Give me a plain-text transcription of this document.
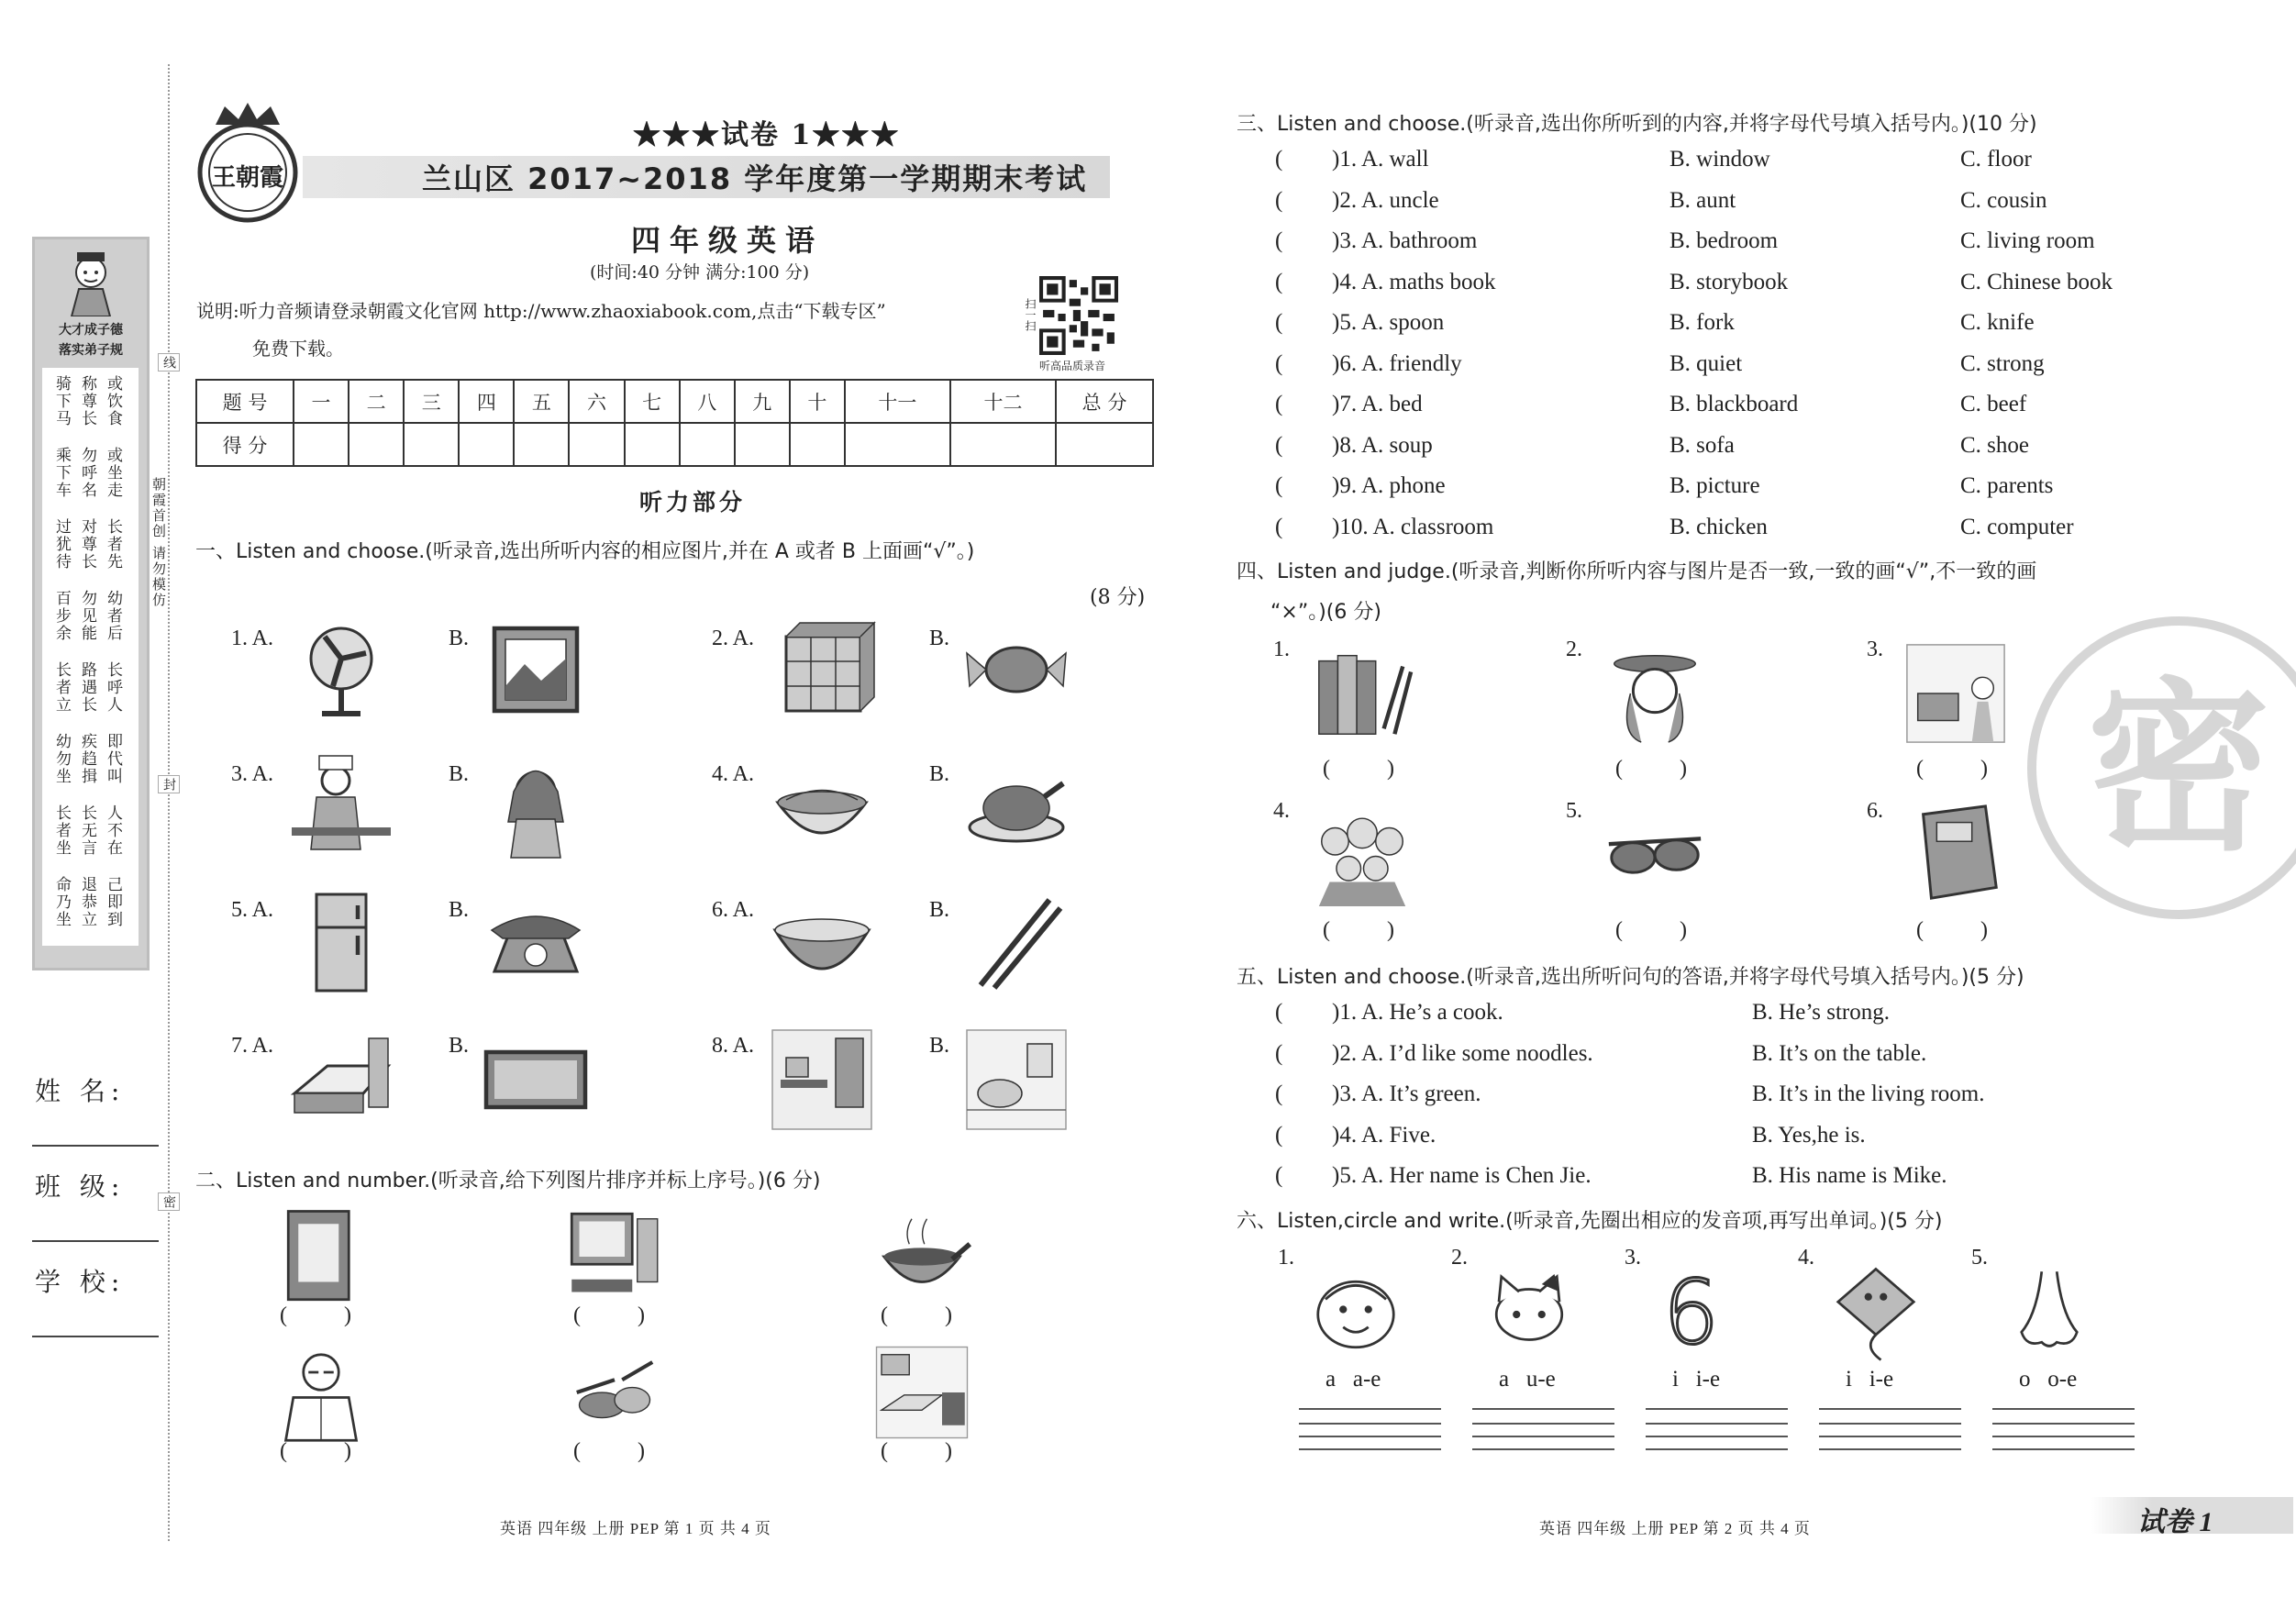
大才成子德
落实弟子规
骑下马 称尊长 或饮食
乘下车 勿呼名 或坐走
过犹待 对尊长 长者先
百步余 勿见能 幼者后
长者立 路遇长 长呼人
幼勿坐 疾趋揖 即代叫
长者坐 长无言 人不在
命乃坐 退恭立 己即到
朝霞首创 请勿模仿
线
封
密
姓 名:
班 级:
学 校:
王朝霞
★★★试卷 1★★★
兰山区 2017~2018 学年度第一学期期末考试
四年级英语
(时间:40 分钟 满分:100 分)
说明:听力音频请登录朝霞文化官网 http://www.zhaoxiabook.com,点击“下载专区”
免费下载。
扫一扫
听高品质录音
题 号	一	二	三	四	五	六	七	八	九	十	十一	十二	总 分
得 分													
听力部分
一、Listen and choose.(听录音,选出所听内容的相应图片,并在 A 或者 B 上面画“√”。)
(8 分)
二、Listen and number.(听录音,给下列图片排序并标上序号。)(6 分)
英语 四年级 上册 PEP 第 1 页 共 4 页
密
三、Listen and choose.(听录音,选出你所听到的内容,并将字母代号填入括号内。)(10 分)
四、Listen and judge.(听录音,判断你所听内容与图片是否一致,一致的画“√”,不一致的画
“×”。)(6 分)
五、Listen and choose.(听录音,选出所听问句的答语,并将字母代号填入括号内。)(5 分)
六、Listen,circle and write.(听录音,先圈出相应的发音项,再写出单词。)(5 分)
英语 四年级 上册 PEP 第 2 页 共 4 页	试卷 1
1. A.	B.	2. A.	B.
3. A.	B.	4. A.	B.
5. A.	B.	6. A.	B.
7. A.	B.	8. A.	B.
( )	( )	( )
( )	( )	( )
( )1. A. wall	B. window	C. floor
( )2. A. uncle	B. aunt	C. cousin
( )3. A. bathroom	B. bedroom	C. living room
( )4. A. maths book	B. storybook	C. Chinese book
( )5. A. spoon	B. fork	C. knife
( )6. A. friendly	B. quiet	C. strong
( )7. A. bed	B. blackboard	C. beef
( )8. A. soup	B. sofa	C. shoe
( )9. A. phone	B. picture	C. parents
( )10. A. classroom	B. chicken	C. computer
1.
( )
2.
( )
3.
( )
4.
( )
5.
( )
6.
( )
( )1. A. He’s a cook.	B. He’s strong.
( )2. A. I’d like some noodles.	B. It’s on the table.
( )3. A. It’s green.	B. It’s in the living room.
( )4. A. Five.	B. Yes,he is.
( )5. A. Her name is Chen Jie.	B. His name is Mike.
1.
a   a-e
2.
a   u-e
3.
6
i   i-e
4.
i   i-e
5.
o   o-e
